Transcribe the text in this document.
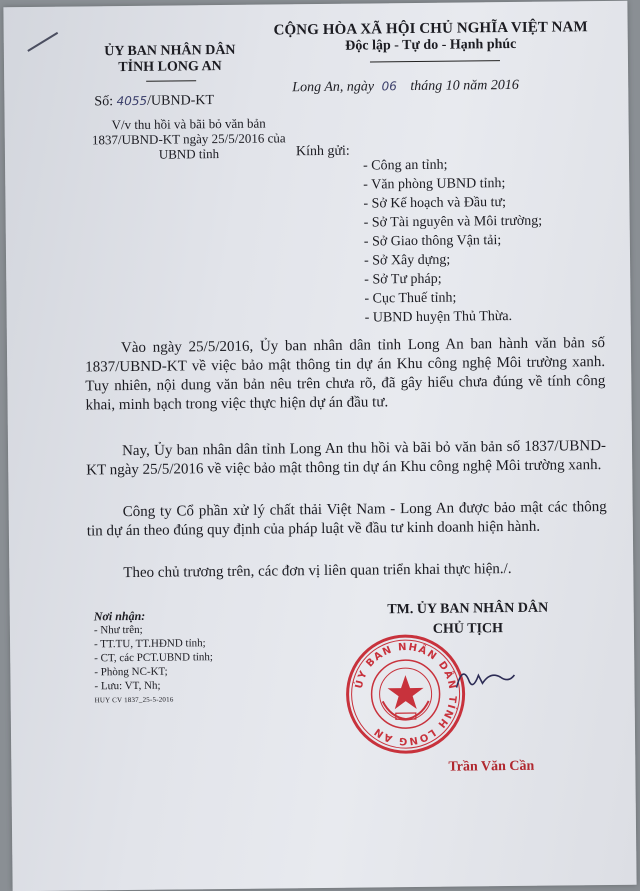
ỦY BAN NHÂN DÂN
TỈNH LONG AN
Số: 4055/UBND-KT
V/v thu hồi và bãi bỏ văn bản 1837/UBND-KT ngày 25/5/2016 của UBND tỉnh
CỘNG HÒA XÃ HỘI CHỦ NGHĨA VIỆT NAM
Độc lập - Tự do - Hạnh phúc
Long An, ngày 06 tháng 10 năm 2016
Kính gửi:
- Công an tỉnh;
- Văn phòng UBND tỉnh;
- Sở Kế hoạch và Đầu tư;
- Sở Tài nguyên và Môi trường;
- Sở Giao thông Vận tải;
- Sở Xây dựng;
- Sở Tư pháp;
- Cục Thuế tỉnh;
- UBND huyện Thủ Thừa.
Vào ngày 25/5/2016, Ủy ban nhân dân tỉnh Long An ban hành văn bản số 1837/UBND-KT về việc bảo mật thông tin dự án Khu công nghệ Môi trường xanh. Tuy nhiên, nội dung văn bản nêu trên chưa rõ, đã gây hiểu chưa đúng về tính công khai, minh bạch trong việc thực hiện dự án đầu tư.
Nay, Ủy ban nhân dân tỉnh Long An thu hồi và bãi bỏ văn bản số 1837/UBND-KT ngày 25/5/2016 về việc bảo mật thông tin dự án Khu công nghệ Môi trường xanh.
Công ty Cổ phần xử lý chất thải Việt Nam - Long An được bảo mật các thông tin dự án theo đúng quy định của pháp luật về đầu tư kinh doanh hiện hành.
Theo chủ trương trên, các đơn vị liên quan triển khai thực hiện./.
Nơi nhận:
- Như trên;
- TT.TU, TT.HĐND tỉnh;
- CT, các PCT.UBND tỉnh;
- Phòng NC-KT;
- Lưu: VT, Nh;
HUY CV 1837_25-5-2016
TM. ỦY BAN NHÂN DÂN
CHỦ TỊCH
ỦY BAN NHÂN DÂN TỈNH LONG AN
Trần Văn Cần
